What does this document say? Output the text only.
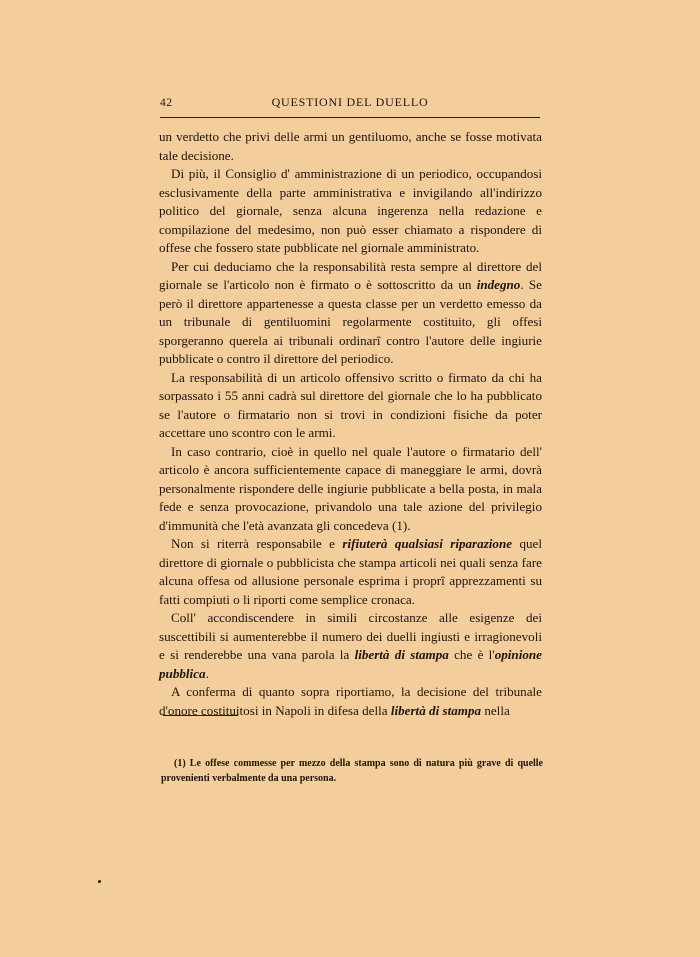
42	QUESTIONI DEL DUELLO

un verdetto che privi delle armi un gentiluomo, anche se fosse motivata tale decisione.

Di più, il Consiglio d' amministrazione di un periodico, occupandosi esclusivamente della parte amministrativa e invigilando all'indirizzo politico del giornale, senza alcuna ingerenza nella redazione e compilazione del medesimo, non può esser chiamato a rispondere di offese che fossero state pubblicate nel giornale amministrato.

Per cui deduciamo che la responsabilità resta sempre al direttore del giornale se l'articolo non è firmato o è sottoscritto da un indegno. Se però il direttore appartenesse a questa classe per un verdetto emesso da un tribunale di gentiluomini regolarmente costituito, gli offesi sporgeranno querela ai tribunali ordinarî contro l'autore delle ingiurie pubblicate o contro il direttore del periodico.

La responsabilità di un articolo offensivo scritto o firmato da chi ha sorpassato i 55 anni cadrà sul direttore del giornale che lo ha pubblicato se l'autore o firmatario non si trovi in condizioni fisiche da poter accettare uno scontro con le armi.

In caso contrario, cioè in quello nel quale l'autore o firmatario dell' articolo è ancora sufficientemente capace di maneggiare le armi, dovrà personalmente rispondere delle ingiurie pubblicate a bella posta, in mala fede e senza provocazione, privandolo una tale azione del privilegio d'immunità che l'età avanzata gli concedeva (1).

Non si riterrà responsabile e rifiuterà qualsiasi riparazione quel direttore di giornale o pubblicista che stampa articoli nei quali senza fare alcuna offesa od allusione personale esprima i proprî apprezzamenti su fatti compiuti o li riporti come semplice cronaca.

Coll' accondiscendere in simili circostanze alle esigenze dei suscettibili si aumenterebbe il numero dei duelli ingiusti e irragionevoli e si renderebbe una vana parola la libertà di stampa che è l'opinione pubblica.

A conferma di quanto sopra riportiamo, la decisione del tribunale d'onore costituitosi in Napoli in difesa della libertà di stampa nella

(1) Le offese commesse per mezzo della stampa sono di natura più grave di quelle provenienti verbalmente da una persona.
